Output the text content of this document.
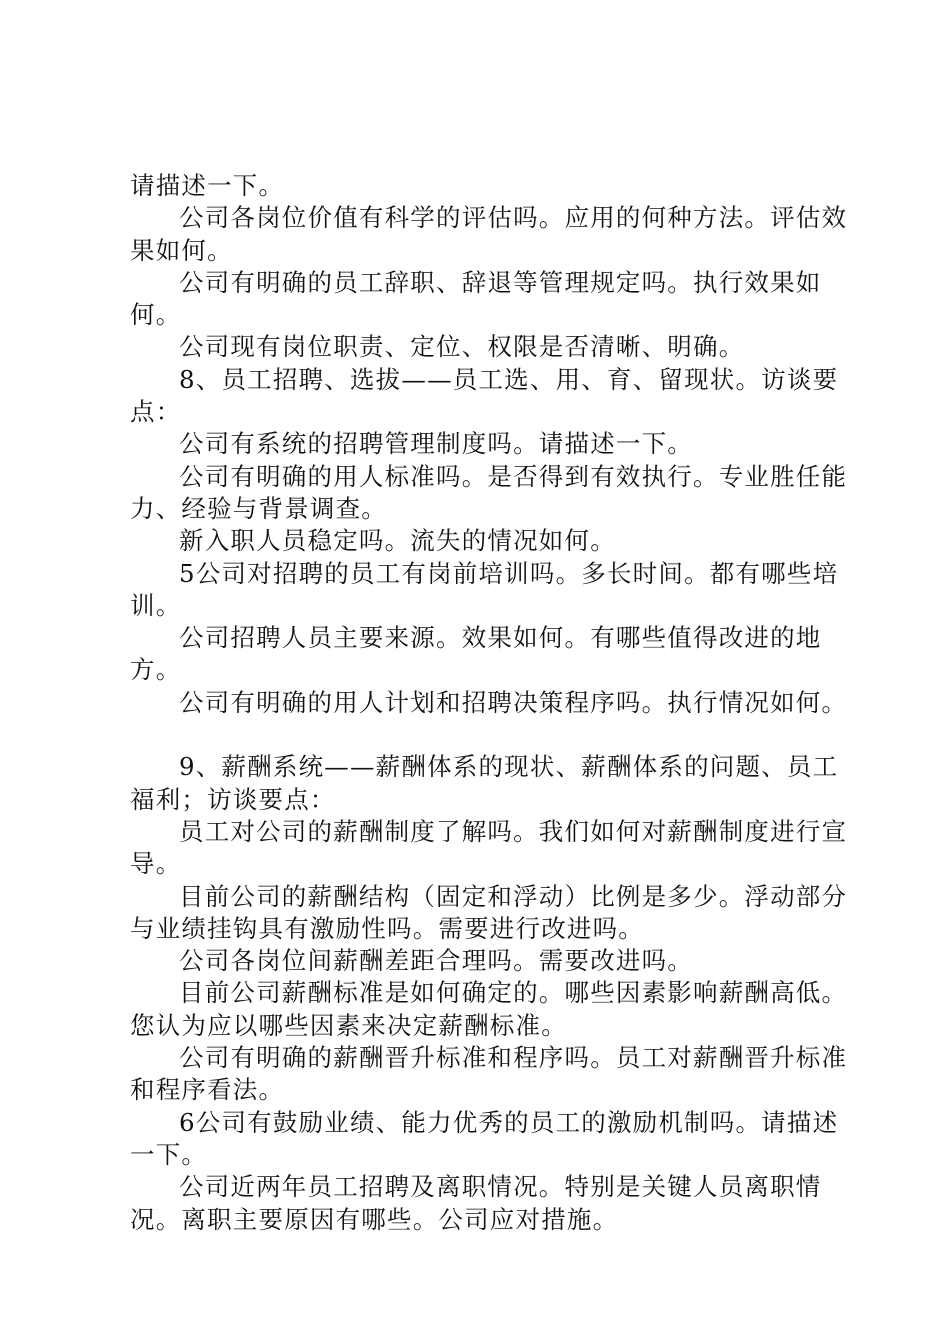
请描述一下。

公司各岗位价值有科学的评估吗。应用的何种方法。评估效果如何。

公司有明确的员工辞职、辞退等管理规定吗。执行效果如何。

公司现有岗位职责、定位、权限是否清晰、明确。

8、员工招聘、选拔——员工选、用、育、留现状。访谈要点：

公司有系统的招聘管理制度吗。请描述一下。

公司有明确的用人标准吗。是否得到有效执行。专业胜任能力、经验与背景调查。

新入职人员稳定吗。流失的情况如何。

5公司对招聘的员工有岗前培训吗。多长时间。都有哪些培训。

公司招聘人员主要来源。效果如何。有哪些值得改进的地方。

公司有明确的用人计划和招聘决策程序吗。执行情况如何。

9、薪酬系统——薪酬体系的现状、薪酬体系的问题、员工福利；访谈要点：

员工对公司的薪酬制度了解吗。我们如何对薪酬制度进行宣导。

目前公司的薪酬结构（固定和浮动）比例是多少。浮动部分与业绩挂钩具有激励性吗。需要进行改进吗。

公司各岗位间薪酬差距合理吗。需要改进吗。

目前公司薪酬标准是如何确定的。哪些因素影响薪酬高低。您认为应以哪些因素来决定薪酬标准。

公司有明确的薪酬晋升标准和程序吗。员工对薪酬晋升标准和程序看法。

6公司有鼓励业绩、能力优秀的员工的激励机制吗。请描述一下。

公司近两年员工招聘及离职情况。特别是关键人员离职情况。离职主要原因有哪些。公司应对措施。
